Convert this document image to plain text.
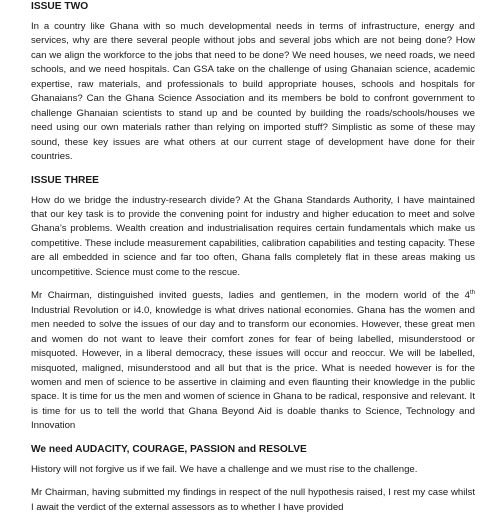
ISSUE TWO

In a country like Ghana with so much developmental needs in terms of infrastructure, energy and services, why are there several people without jobs and several jobs which are not being done? How can we align the workforce to the jobs that need to be done? We need houses, we need roads, we need schools, and we need hospitals. Can GSA take on the challenge of using Ghanaian science, academic expertise, raw materials, and professionals to build appropriate houses, schools and hospitals for Ghanaians? Can the Ghana Science Association and its members be bold to confront government to challenge Ghanaian scientists to stand up and be counted by building the roads/schools/houses we need using our own materials rather than relying on imported stuff? Simplistic as some of these may sound, these key issues are what others at our current stage of development have done for their countries.

ISSUE THREE

How do we bridge the industry-research divide? At the Ghana Standards Authority, I have maintained that our key task is to provide the convening point for industry and higher education to meet and solve Ghana’s problems. Wealth creation and industrialisation requires certain fundamentals which make us competitive. These include measurement capabilities, calibration capabilities and testing capacity. These are all embedded in science and far too often, Ghana falls completely flat in these areas making us uncompetitive. Science must come to the rescue.

Mr Chairman, distinguished invited guests, ladies and gentlemen, in the modern world of the 4th Industrial Revolution or i4.0, knowledge is what drives national economies. Ghana has the women and men needed to solve the issues of our day and to transform our economies. However, these great men and women do not want to leave their comfort zones for fear of being labelled, misunderstood or misquoted. However, in a liberal democracy, these issues will occur and reoccur. We will be labelled, misquoted, maligned, misunderstood and all but that is the price. What is needed however is for the women and men of science to be assertive in claiming and even flaunting their knowledge in the public space. It is time for us the men and women of science in Ghana to be radical, responsive and relevant. It is time for us to tell the world that Ghana Beyond Aid is doable thanks to Science, Technology and Innovation

We need AUDACITY, COURAGE, PASSION and RESOLVE

History will not forgive us if we fail. We have a challenge and we must rise to the challenge.

Mr Chairman, having submitted my findings in respect of the null hypothesis raised, I rest my case whilst I await the verdict of the external assessors as to whether I have provided
